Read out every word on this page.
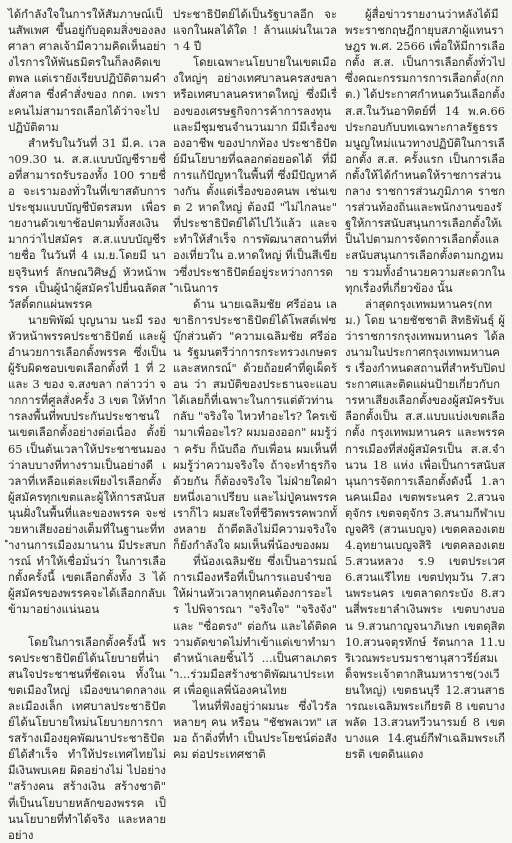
ได้กำลังใจในการให้สัมภาษณ์เป็นสัพเพศ ขึ้นอยู่กับอุดมสิ่งของลงศาลา ศาลเจ้ามีความคิดเห็นอย่างไรการให้พันธมิตรในก็ลงคิดเขตพล แต่เรายังเรียบปฏิบัติตามคำสั่งศาล ซึ่งคำสั่งของ กกต. เพราะคนไม่สามารถเลือกได้ว่าจะไปปฏิบัติตาม

สำหรับในวันที่ 31 มี.ค. เวลา09.30 น. ส.ส.แบบบัญชีรายชื่อที่สามารถรับรองทั้ง 100 รายชื่อ จะเรามองทั่วในที่เขาสดับการประชุมแบบบัญชีบัตรสมท เพื่อรายงานตัวเขาช้อปตามทั้งสงเงินมากว่าไปสมัคร ส.ส.แบบบัญชีรายชื่อ ในวันที่ 4 เม.ย.โดยมี นายจุรินทร์ ลักษณวิศิษฏ์ หัวหน้าพรรค เป็นผู้นำผู้สมัครไปยื่นฉลัดสวัสดิ์ตกแผ่นพรรค

นายพิพัฒ์ บุญนาม นะมี รองหัวหน้าพรรคประชาธิปัตย์ และผู้อำนวยการเลือกตั้งพรรค ซึ่งเป็นผู้รับผิดชอบเขตเลือกตั้งที่ 1 ที่ 2 และ 3 ของ จ.สงขลา กล่าวว่า จากการที่ศูลสั่งครั้ง 3 เขต ให้ทำการลงพื้นที่พบประกันประชาชนในเขตเลือกตั้งอย่างต่อเนื่อง ตั้งยิ่ 65 เป็นต้นเวลาให้ประชาชนมองว่าลบบางที่ทางรามเป็นอย่างดี เวลาที่เหลือแต่ละเพียงไรเลือกตั้ง ผู้สมัครทุกเขตและผู้ให้การสนับสนุนฝั่งในพื้นที่และของพรรค จะช่วยหาเสียงอย่างเต็มที่ในฐานะที่ทำงานการเมืองมานาน มีประสบการณ์ ทำให้เชื่อมั่นว่า ในการเลือกตั้งครั้งนี้ เขตเลือกตั้งทั้ง 3 ได้ ผู้สมัครของพรรคจะได้เลือกกลับเข้ามาอย่างแน่นอน

โดยในการเลือกตั้งครั้งนี้ พรรคประชาธิปัตย์ได้นโยบายที่น่าสนใจประชาชนที่ชัดเจน ทั้งในเขตเมืองใหญ่ เมืองขนาดกลางและเมืองเล็ก เทศบาลประชาธิปัตย์ได้นโยบายใหม่นโยบายการการสร้างเมืองยุคพัฒนาประชาธิปัตย์ได้สำเร็จ ทำให้ประเทศไทยไม่มีเงินพบเคย ผิดอย่างไม่ ไปอย่าง "สร้างคน สร้างเงิน สร้างชาติ" ที่เป็นนโยบายหลักของพรรค เป็นนโยบายที่ทำได้จริง และหลายอย่าง

ประชาธิปัตย์ได้เป็นรัฐบาลอีก จะแจกในผลได้ใด ! ล้านแผ่นในเวลา 4 ปี

โดยเฉพาะนโยบายในเขตเมืองใหญ่ๆ อย่างเทศบาลนครสงขลาหรือเทศบาลนครหาดใหญ่ ซึ่งมีเรื่องของเศรษฐกิจการค้าการลงทุน และมีชุมชนจำนวนมาก มีมีเรื่องของอาชีพ ของปากท้อง ประชาธิปัตย์มีนโยบายที่ฉลอกต่อยอดได้ ที่มีการแก้ปัญหาในพื้นที่ ซึ่งมีปัญหาค้างกัน ตั้งแต่เรื่องของคนพ เช่นเขต 2 หาดใหญ่ ต้องมี "ไม่ไกลนะ" ที่ประชาธิปัตย์ได้ไปไว้แล้ว และจะทำให้สำเร็จ การพัฒนาสถานที่ท่องเที่ยวใน อ.หาดใหญ่ ที่เป็นสีเขียวซึ่งประชาธิปัตย์อยู่ระหว่างการดำเนินการ

ด้าน นายเฉลิมชัย ศรีอ่อน เลขาธิการประชาธิปัตย์ได้โพสต์เฟซบุ๊กส่วนตัว "ความเฉลิมชัย ศรีอ่อน รัฐมนตรีว่าการกระทรวงเกษตรและสหกรณ์" ด้วยถ้อยคำที่ดูเผ็ดร้อน ว่า สมบัติของประธานจะแอบได้เลยก็ที่เฉพาะในการแต่ตัวท่านกลับ "จริงใจ ไหวทำอะไร? ใครเข้ามาเพื่ออะไร? ผมมองออก" ผมรู้ว่า ครับ ก็นับถือ กับเพื่อน ผมเห็นที่ ผมรู้ว่าความจริงใจ ถ้าจะทำธุรกิจด้วยกัน ก็ต้องจริงใจ ไม่ฝ่ายใดฝ่ายหนึ่งเอาเปรียบ และไม่ปู่คนพรรคเราก็ไว ผมสะใจที่ชีวิตพรรคพวกทั้งหลาย ถ้าตีตลิงไม่มีความจริงใจ ก็ยังกำลังใจ ผมเห็นพี่น้องของผม

ที่น้องเฉลิมชัย ซึ่งเป็นอารมณ์การเมืองหรือที่เป็นการแอบจำขอให้ผ่านหัวเวลาทุกคนต้องการอะไร ไปพิจารณา "จริงใจ" "จริงจัง" และ "ซื่อตรง" ต่อกัน และได้ติดความตัดขาดไม่ทำเข้าแด่เขาทำมาตำหน้าเลยชิ้นไว้ ...เป็นศาลเภตรำ...ร่วมมือสร้างชาติพัฒนาประเทศ เพื่อดูแลพี่น้องคนไทย

ไหนที่ฟังอยู่ว่าผมนะ ซึ่งไวรัลหลายๆ คน หรือน "ชัชพลเวท" เสมอ ถ้าดิ่งที่ทำ เป็นประโยชน์ต่อสังคม ต่อประเทศชาติ

ผู้สื่อข่าวรายงานว่าหลังได้มีพระราชกฤษฎีกายุบสภาผู้แทนราษฎร พ.ศ. 2566 เพื่อให้มีการเลือกตั้ง ส.ส. เป็นการเลือกตั้งทั่วไป ซึ่งคณะกรรมการการเลือกตั้ง(กกต.) ได้ประกาศกำหนดวันเลือกตั้ง ส.ส.ในวันอาทิตย์ที่ 14 พ.ค.66 ประกอบกับบทเฉพาะกาลรัฐธรรมนูญใหม่แนวทางปฏิบัติในการเลือกตั้ง ส.ส. ครั้งแรก เป็นการเลือกตั้งให้ได้กำหนดให้ราชการส่วนกลาง ราชการส่วนภูมิภาค ราชการส่วนท้องถิ่นและพนักงานของรัฐให้การสนับสนุนการเลือกตั้งให้เป็นไปตามการจัดการเลือกตั้งและสนับสนุนการเลือกตั้งตามกฎหมาย รวมทั้งอำนวยความสะดวกในทุกเรื่องที่เกี่ยวข้อง นั้น

ล่าสุดกรุงเทพมหานคร(กทม.) โดย นายชัชชาติ สิทธิพันธุ์ ผู้ว่าราชการกรุงเทพมหานคร ได้ลงนามในประกาศกรุงเทพมหานคร เรื่องกำหนดสถานที่สำหรับปิดประกาศและติดแผ่นป้ายเกี่ยวกับการหาเสียงเลือกตั้งของผู้สมัครรับเลือกตั้งเป็น ส.ส.แบบแบ่งเขตเลือกตั้ง กรุงเทพมหานคร และพรรคการเมืองที่ส่งผู้สมัครเป็น ส.ส.จำนวน 18 แห่ง เพื่อเป็นการสนับสนุนการจัดการเลือกตั้งดังนี้ 1.ลานคนเมือง เขตพระนคร 2.สวนจตุจักร เขตจตุจักร 3.สนามกีฬาเบญจศิริ (สวนเบญจ) เขตคลองเตย 4.อุทยานเบญจสิริ เขตคลองเตย 5.สวนหลวง ร.9 เขตประเวศ 6.สวนแรีไทย เขตปทุมวัน 7.สวนพระนคร เขตลาดกระบัง 8.สวนสี่พระยาลำเงินพระ เขตบางบอน 9.สวนกาญจนาภิเษก เขตดุสิต 10.สวนจตุรทักษ์ รัตนกาล 11.บริเวณพระบรมราชานุสาวรีย์สมเด็จพระเจ้าตากสินมหาราช(วงเวียนใหญ่) เขตธนบุรี 12.สวนสาธารณะเฉลิมพระเกียรติ 8 เขตบางพลัด 13.สวนทวีวนารมย์ 8 เขตบางแค 14.ศูนย์กีฬาเฉลิมพระเกียรติ เขตดินแดง
